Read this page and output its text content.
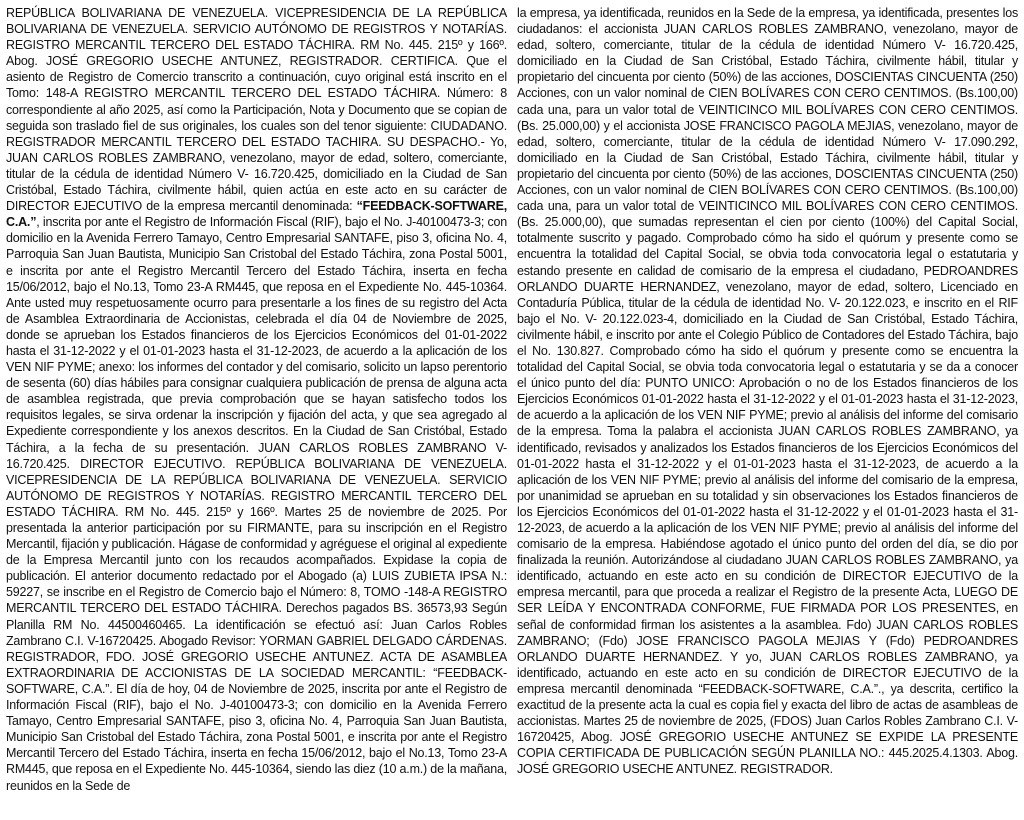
REPÚBLICA BOLIVARIANA DE VENEZUELA. VICEPRESIDENCIA DE LA REPÚBLICA BOLIVARIANA DE VENEZUELA. SERVICIO AUTÓNOMO DE REGISTROS Y NOTARÍAS. REGISTRO MERCANTIL TERCERO DEL ESTADO TÁCHIRA. RM No. 445. 215º y 166º. Abog. JOSÉ GREGORIO USECHE ANTUNEZ, REGISTRADOR. CERTIFICA. Que el asiento de Registro de Comercio transcrito a continuación, cuyo original está inscrito en el Tomo: 148-A REGISTRO MERCANTIL TERCERO DEL ESTADO TÁCHIRA. Número: 8 correspondiente al año 2025, así como la Participación, Nota y Documento que se copian de seguida son traslado fiel de sus originales, los cuales son del tenor siguiente: CIUDADANO. REGISTRADOR MERCANTIL TERCERO DEL ESTADO TACHIRA. SU DESPACHO.- Yo, JUAN CARLOS ROBLES ZAMBRANO, venezolano, mayor de edad, soltero, comerciante, titular de la cédula de identidad Número V- 16.720.425, domiciliado en la Ciudad de San Cristóbal, Estado Táchira, civilmente hábil, quien actúa en este acto en su carácter de DIRECTOR EJECUTIVO de la empresa mercantil denominada: “FEEDBACK-SOFTWARE, C.A.”, inscrita por ante el Registro de Información Fiscal (RIF), bajo el No. J-40100473-3; con domicilio en la Avenida Ferrero Tamayo, Centro Empresarial SANTAFE, piso 3, oficina No. 4, Parroquia San Juan Bautista, Municipio San Cristobal del Estado Táchira, zona Postal 5001, e inscrita por ante el Registro Mercantil Tercero del Estado Táchira, inserta en fecha 15/06/2012, bajo el No.13, Tomo 23-A RM445, que reposa en el Expediente No. 445-10364. Ante usted muy respetuosamente ocurro para presentarle a los fines de su registro del Acta de Asamblea Extraordinaria de Accionistas, celebrada el día 04 de Noviembre de 2025, donde se aprueban los Estados financieros de los Ejercicios Económicos del 01-01-2022 hasta el 31-12-2022 y el 01-01-2023 hasta el 31-12-2023, de acuerdo a la aplicación de los VEN NIF PYME; anexo: los informes del contador y del comisario, solicito un lapso perentorio de sesenta (60) días hábiles para consignar cualquiera publicación de prensa de alguna acta de asamblea registrada, que previa comprobación que se hayan satisfecho todos los requisitos legales, se sirva ordenar la inscripción y fijación del acta, y que sea agregado al Expediente correspondiente y los anexos descritos. En la Ciudad de San Cristóbal, Estado Táchira, a la fecha de su presentación. JUAN CARLOS ROBLES ZAMBRANO V- 16.720.425. DIRECTOR EJECUTIVO. REPÚBLICA BOLIVARIANA DE VENEZUELA. VICEPRESIDENCIA DE LA REPÚBLICA BOLIVARIANA DE VENEZUELA. SERVICIO AUTÓNOMO DE REGISTROS Y NOTARÍAS. REGISTRO MERCANTIL TERCERO DEL ESTADO TÁCHIRA. RM No. 445. 215º y 166º. Martes 25 de noviembre de 2025. Por presentada la anterior participación por su FIRMANTE, para su inscripción en el Registro Mercantil, fijación y publicación. Hágase de conformidad y agréguese el original al expediente de la Empresa Mercantil junto con los recaudos acompañados. Expidase la copia de publicación. El anterior documento redactado por el Abogado (a) LUIS ZUBIETA IPSA N.: 59227, se inscribe en el Registro de Comercio bajo el Número: 8, TOMO -148-A REGISTRO MERCANTIL TERCERO DEL ESTADO TÁCHIRA. Derechos pagados BS. 36573,93 Según Planilla RM No. 44500460465. La identificación se efectuó así: Juan Carlos Robles Zambrano C.I. V-16720425. Abogado Revisor: YORMAN GABRIEL DELGADO CÁRDENAS. REGISTRADOR, FDO. JOSÉ GREGORIO USECHE ANTUNEZ. ACTA DE ASAMBLEA EXTRAORDINARIA DE ACCIONISTAS DE LA SOCIEDAD MERCANTIL: “FEEDBACK-SOFTWARE, C.A.”. El día de hoy, 04 de Noviembre de 2025, inscrita por ante el Registro de Información Fiscal (RIF), bajo el No. J-40100473-3; con domicilio en la Avenida Ferrero Tamayo, Centro Empresarial SANTAFE, piso 3, oficina No. 4, Parroquia San Juan Bautista, Municipio San Cristobal del Estado Táchira, zona Postal 5001, e inscrita por ante el Registro Mercantil Tercero del Estado Táchira, inserta en fecha 15/06/2012, bajo el No.13, Tomo 23-A RM445, que reposa en el Expediente No. 445-10364, siendo las diez (10 a.m.) de la mañana, reunidos en la Sede de

la empresa, ya identificada, reunidos en la Sede de la empresa, ya identificada, presentes los ciudadanos: el accionista JUAN CARLOS ROBLES ZAMBRANO, venezolano, mayor de edad, soltero, comerciante, titular de la cédula de identidad Número V- 16.720.425, domiciliado en la Ciudad de San Cristóbal, Estado Táchira, civilmente hábil, titular y propietario del cincuenta por ciento (50%) de las acciones, DOSCIENTAS CINCUENTA (250) Acciones, con un valor nominal de CIEN BOLÍVARES CON CERO CENTIMOS. (Bs.100,00) cada una, para un valor total de VEINTICINCO MIL BOLÍVARES CON CERO CENTIMOS. (Bs. 25.000,00) y el accionista JOSE FRANCISCO PAGOLA MEJIAS, venezolano, mayor de edad, soltero, comerciante, titular de la cédula de identidad Número V- 17.090.292, domiciliado en la Ciudad de San Cristóbal, Estado Táchira, civilmente hábil, titular y propietario del cincuenta por ciento (50%) de las acciones, DOSCIENTAS CINCUENTA (250) Acciones, con un valor nominal de CIEN BOLÍVARES CON CERO CENTIMOS. (Bs.100,00) cada una, para un valor total de VEINTICINCO MIL BOLÍVARES CON CERO CENTIMOS. (Bs. 25.000,00), que sumadas representan el cien por ciento (100%) del Capital Social, totalmente suscrito y pagado. Comprobado cómo ha sido el quórum y presente como se encuentra la totalidad del Capital Social, se obvia toda convocatoria legal o estatutaria y estando presente en calidad de comisario de la empresa el ciudadano, PEDROANDRES ORLANDO DUARTE HERNANDEZ, venezolano, mayor de edad, soltero, Licenciado en Contaduría Pública, titular de la cédula de identidad No. V- 20.122.023, e inscrito en el RIF bajo el No. V- 20.122.023-4, domiciliado en la Ciudad de San Cristóbal, Estado Táchira, civilmente hábil, e inscrito por ante el Colegio Público de Contadores del Estado Táchira, bajo el No. 130.827. Comprobado cómo ha sido el quórum y presente como se encuentra la totalidad del Capital Social, se obvia toda convocatoria legal o estatutaria y se da a conocer el único punto del día: PUNTO UNICO: Aprobación o no de los Estados financieros de los Ejercicios Económicos 01-01-2022 hasta el 31-12-2022 y el 01-01-2023 hasta el 31-12-2023, de acuerdo a la aplicación de los VEN NIF PYME; previo al análisis del informe del comisario de la empresa. Toma la palabra el accionista JUAN CARLOS ROBLES ZAMBRANO, ya identificado, revisados y analizados los Estados financieros de los Ejercicios Económicos del 01-01-2022 hasta el 31-12-2022 y el 01-01-2023 hasta el 31-12-2023, de acuerdo a la aplicación de los VEN NIF PYME; previo al análisis del informe del comisario de la empresa, por unanimidad se aprueban en su totalidad y sin observaciones los Estados financieros de los Ejercicios Económicos del 01-01-2022 hasta el 31-12-2022 y el 01-01-2023 hasta el 31-12-2023, de acuerdo a la aplicación de los VEN NIF PYME; previo al análisis del informe del comisario de la empresa. Habiéndose agotado el único punto del orden del día, se dio por finalizada la reunión. Autorizándose al ciudadano JUAN CARLOS ROBLES ZAMBRANO, ya identificado, actuando en este acto en su condición de DIRECTOR EJECUTIVO de la empresa mercantil, para que proceda a realizar el Registro de la presente Acta, LUEGO DE SER LEÍDA Y ENCONTRADA CONFORME, FUE FIRMADA POR LOS PRESENTES, en señal de conformidad firman los asistentes a la asamblea. Fdo) JUAN CARLOS ROBLES ZAMBRANO; (Fdo) JOSE FRANCISCO PAGOLA MEJIAS Y (Fdo) PEDROANDRES ORLANDO DUARTE HERNANDEZ. Y yo, JUAN CARLOS ROBLES ZAMBRANO, ya identificado, actuando en este acto en su condición de DIRECTOR EJECUTIVO de la empresa mercantil denominada “FEEDBACK-SOFTWARE, C.A.”., ya descrita, certifico la exactitud de la presente acta la cual es copia fiel y exacta del libro de actas de asambleas de accionistas. Martes 25 de noviembre de 2025, (FDOS) Juan Carlos Robles Zambrano C.I. V-16720425, Abog. JOSÉ GREGORIO USECHE ANTUNEZ SE EXPIDE LA PRESENTE COPIA CERTIFICADA DE PUBLICACIÓN SEGÚN PLANILLA NO.: 445.2025.4.1303. Abog. JOSÉ GREGORIO USECHE ANTUNEZ. REGISTRADOR.
